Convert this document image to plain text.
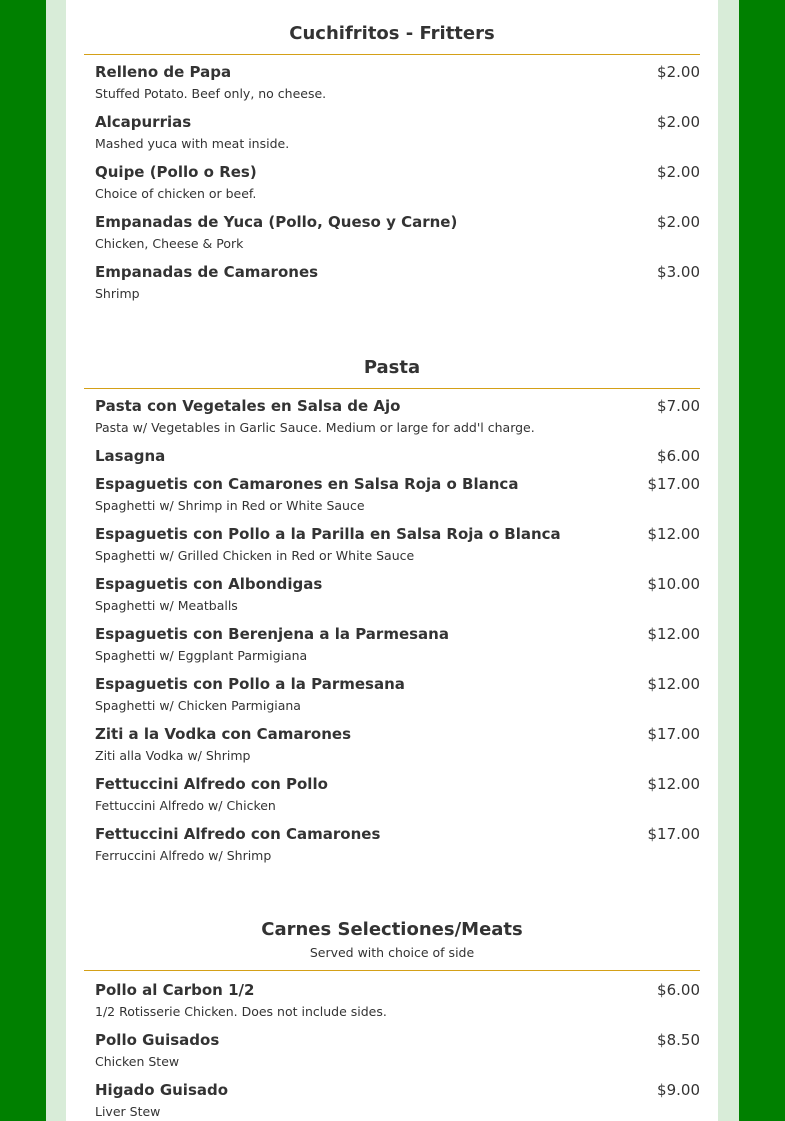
Cuchifritos - Fritters
Relleno de Papa	$2.00
Stuffed Potato. Beef only, no cheese.
Alcapurrias	$2.00
Mashed yuca with meat inside.
Quipe (Pollo o Res)	$2.00
Choice of chicken or beef.
Empanadas de Yuca (Pollo, Queso y Carne)	$2.00
Chicken, Cheese & Pork
Empanadas de Camarones	$3.00
Shrimp
Pasta
Pasta con Vegetales en Salsa de Ajo	$7.00
Pasta w/ Vegetables in Garlic Sauce. Medium or large for add'l charge.
Lasagna	$6.00
Espaguetis con Camarones en Salsa Roja o Blanca	$17.00
Spaghetti w/ Shrimp in Red or White Sauce
Espaguetis con Pollo a la Parilla en Salsa Roja o Blanca	$12.00
Spaghetti w/ Grilled Chicken in Red or White Sauce
Espaguetis con Albondigas	$10.00
Spaghetti w/ Meatballs
Espaguetis con Berenjena a la Parmesana	$12.00
Spaghetti w/ Eggplant Parmigiana
Espaguetis con Pollo a la Parmesana	$12.00
Spaghetti w/ Chicken Parmigiana
Ziti a la Vodka con Camarones	$17.00
Ziti alla Vodka w/ Shrimp
Fettuccini Alfredo con Pollo	$12.00
Fettuccini Alfredo w/ Chicken
Fettuccini Alfredo con Camarones	$17.00
Ferruccini Alfredo w/ Shrimp
Carnes Selectiones/Meats
Served with choice of side
Pollo al Carbon 1/2	$6.00
1/2 Rotisserie Chicken. Does not include sides.
Pollo Guisados	$8.50
Chicken Stew
Higado Guisado	$9.00
Liver Stew
